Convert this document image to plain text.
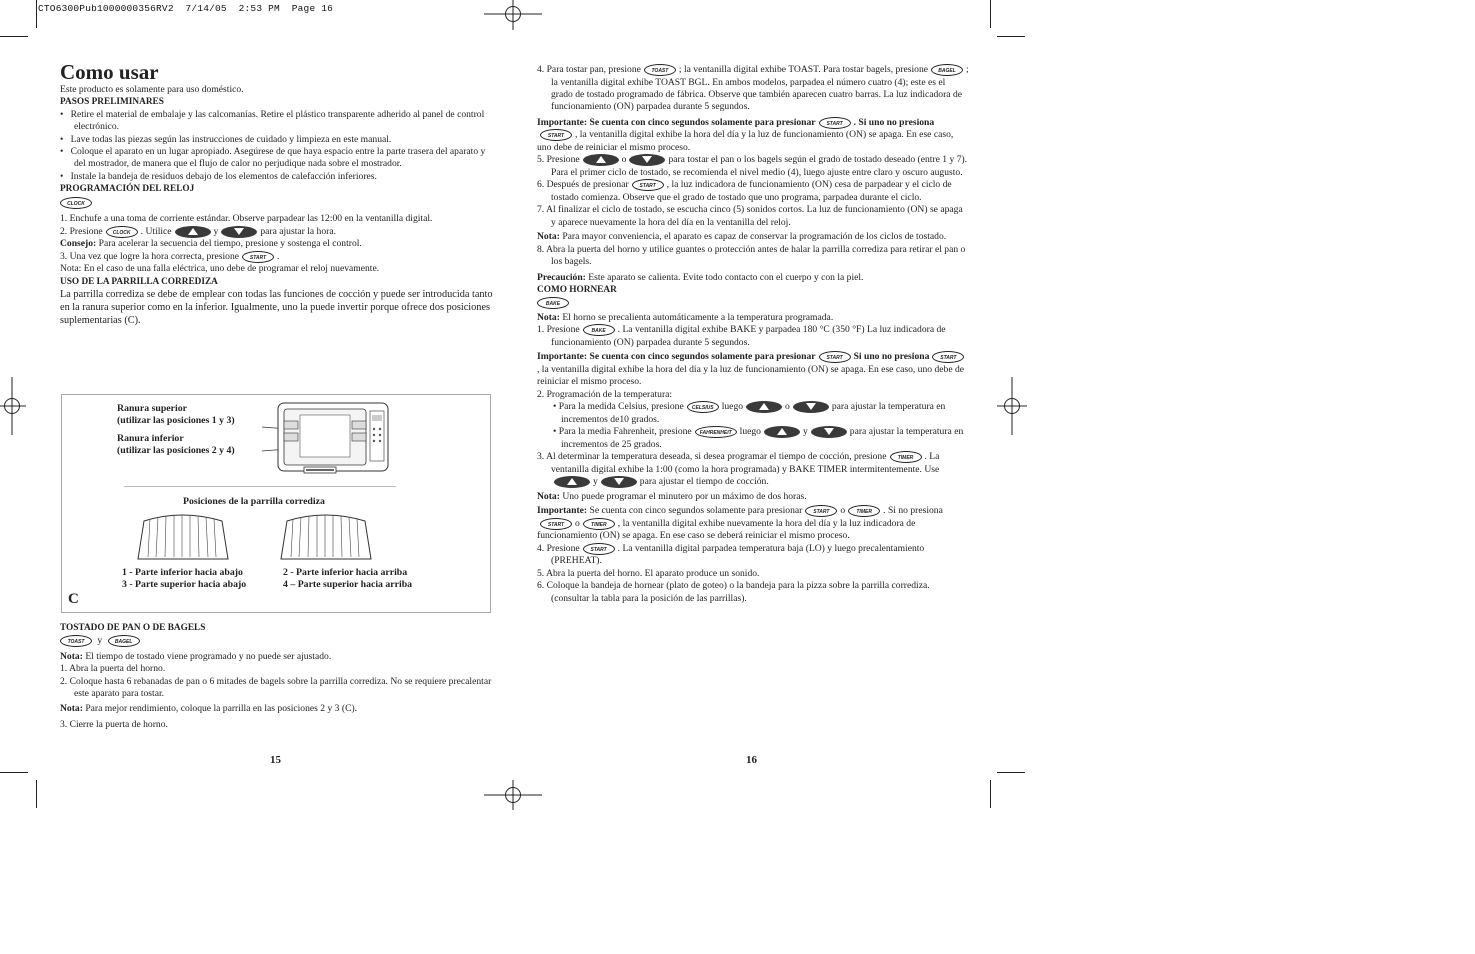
CTO6300Pub1000000356RV2  7/14/05  2:53 PM  Page 16

Como usar

Este producto es solamente para uso doméstico.

PASOS PRELIMINARES

•   Retire el material de embalaje y las calcomanías. Retire el plástico transparente adherido al panel de control electrónico.

•   Lave todas las piezas según las instrucciones de cuidado y limpieza en este manual.

•   Coloque el aparato en un lugar apropiado. Asegúrese de que haya espacio entre la parte trasera del aparato y del mostrador, de manera que el flujo de calor no perjudique nada sobre el mostrador.

•   Instale la bandeja de residuos debajo de los elementos de calefacción inferiores.

PROGRAMACIÓN DEL RELOJ

CLOCK

1. Enchufe a una toma de corriente estándar. Observe parpadear las 12:00 en la ventanilla digital.

2. Presione CLOCK . Utilice	y	para ajustar la hora.

Consejo: Para acelerar la secuencia del tiempo, presione y sostenga el control.

3. Una vez que logre la hora correcta, presione START .

Nota: En el caso de una falla eléctrica, uno debe de programar el reloj nuevamente.

USO DE LA PARRILLA CORREDIZA

La parrilla corrediza se debe de emplear con todas las funciones de cocción y puede ser introducida tanto en la ranura superior como en la inferior. Igualmente, uno la puede invertir porque ofrece dos posiciones suplementarias (C).

Ranura superior
(utilizar las posiciones 1 y 3)
Ranura inferior
(utilizar las posiciones 2 y 4)
Posiciones de la parrilla corrediza
1 - Parte inferior hacia abajo
3 - Parte superior hacia abajo
2 - Parte inferior hacia arriba
4 – Parte superior hacia arriba
C

TOSTADO DE PAN O DE BAGELS

TOAST y	BAGEL

Nota: El tiempo de tostado viene programado y no puede ser ajustado.

1. Abra la puerta del horno.

2. Coloque hasta 6 rebanadas de pan o 6 mitades de bagels sobre la parrilla corrediza. No se requiere precalentar este aparato para tostar.

Nota: Para mejor rendimiento, coloque la parrilla en las posiciones 2 y 3 (C).

3. Cierre la puerta de horno.

15

4. Para tostar pan, presione TOAST ; la ventanilla digital exhibe TOAST. Para tostar bagels, presione BAGEL ; la ventanilla digital exhibe TOAST BGL. En ambos modelos, parpadea el número cuatro (4); este es el grado de tostado programado de fábrica. Observe que también aparecen cuatro barras. La luz indicadora de funcionamiento (ON) parpadea durante 5 segundos.

Importante: Se cuenta con cinco segundos solamente para presionar START . Si uno no presionaSTART , la ventanilla digital exhibe la hora del día y la luz de funcionamiento (ON) se apaga. En ese caso, uno debe de reiniciar el mismo proceso.

5. Presione	o	para tostar el pan o los bagels según el grado de tostado deseado (entre 1 y 7). Para el primer ciclo de tostado, se recomienda el nivel medio (4), luego ajuste entre claro y oscuro augusto.

6. Después de presionar START , la luz indicadora de funcionamiento (ON) cesa de parpadear y el ciclo de tostado comienza. Observe que el grado de tostado que uno programa, parpadea durante el ciclo.

7. Al finalizar el ciclo de tostado, se escucha cinco (5) sonidos cortos. La luz de funcionamiento (ON) se apaga y aparece nuevamente la hora del día en la ventanilla del reloj.

Nota: Para mayor conveniencia, el aparato es capaz de conservar la programación de los ciclos de tostado.

8. Abra la puerta del horno y utilice guantes o protección antes de halar la parrilla corrediza para retirar el pan o los bagels.

Precaución: Este aparato se calienta. Evite todo contacto con el cuerpo y con la piel.

COMO HORNEAR

BAKE

Nota: El horno se precalienta automáticamente a la temperatura programada.

1. Presione BAKE . La ventanilla digital exhibe BAKE y parpadea 180 °C (350 °F) La luz indicadora de funcionamiento (ON) parpadea durante 5 segundos.

Importante: Se cuenta con cinco segundos solamente para presionar START Si uno no presiona START, la ventanilla digital exhibe la hora del día y la luz de funcionamiento (ON) se apaga. En ese caso, uno debe de reiniciar el mismo proceso.

2. Programación de la temperatura:

• Para la medida Celsius, presione CELSIUS luego	o	para ajustar la temperatura en incrementos de10 grados.

• Para la media Fahrenheit, presione FAHRENHEIT luego	y	para ajustar la temperatura en incrementos de 25 grados.

3. Al determinar la temperatura deseada, si desea programar el tiempo de cocción, presione TIMER . La ventanilla digital exhibe la 1:00 (como la hora programada) y BAKE TIMER intermitentemente. Use
y	para ajustar el tiempo de cocción.

Nota: Uno puede programar el minutero por un máximo de dos horas.

Importante: Se cuenta con cinco segundos solamente para presionar START o TIMER . Si no presionaSTART o TIMER , la ventanilla digital exhibe nuevamente la hora del día y la luz indicadora de funcionamiento (ON) se apaga. En ese caso se deberá reiniciar el mismo proceso.

4. Presione START . La ventanilla digital parpadea temperatura baja (LO) y luego precalentamiento (PREHEAT).

5. Abra la puerta del horno. El aparato produce un sonido.

6. Coloque la bandeja de hornear (plato de goteo) o la bandeja para la pizza sobre la parrilla corrediza. (consultar la tabla para la posición de las parrillas).

16
